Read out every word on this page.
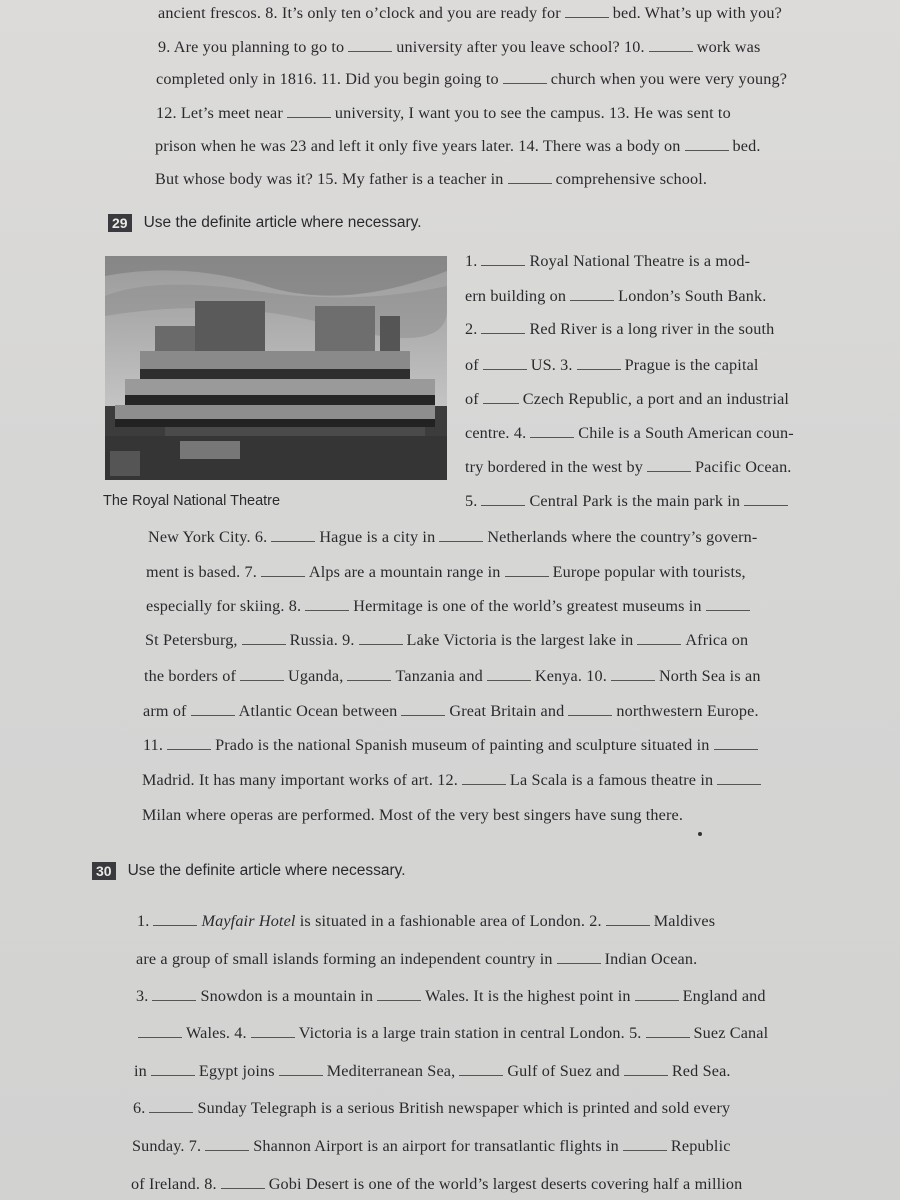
ancient frescos. 8. It’s only ten o’clock and you are ready for	bed. What’s up with you?
9. Are you planning to go to	university after you leave school? 10.	work was
completed only in 1816. 11. Did you begin going to	church when you were very young?
12. Let’s meet near	university, I want you to see the campus. 13. He was sent to
prison when he was 23 and left it only five years later. 14. There was a body on	bed.
But whose body was it? 15. My father is a teacher in	comprehensive school.
29 Use the definite article where necessary.
The Royal National Theatre
1.	Royal National Theatre is a mod-
ern building on	London’s South Bank.
2.	Red River is a long river in the south
of	US. 3.	Prague is the capital
of	Czech Republic, a port and an industrial
centre. 4.	Chile is a South American coun-
try bordered in the west by	Pacific Ocean.
5.	Central Park is the main park in
New York City. 6.	Hague is a city in	Netherlands where the country’s govern-
ment is based. 7.	Alps are a mountain range in	Europe popular with tourists,
especially for skiing. 8.	Hermitage is one of the world’s greatest museums in
St Petersburg,	Russia. 9.	Lake Victoria is the largest lake in	Africa on
the borders of	Uganda,	Tanzania and	Kenya. 10.	North Sea is an
arm of	Atlantic Ocean between	Great Britain and	northwestern Europe.
11.	Prado is the national Spanish museum of painting and sculpture situated in
Madrid. It has many important works of art. 12.	La Scala is a famous theatre in
Milan where operas are performed. Most of the very best singers have sung there.
30 Use the definite article where necessary.
1.	Mayfair Hotel is situated in a fashionable area of London. 2.	Maldives
are a group of small islands forming an independent country in	Indian Ocean.
3.	Snowdon is a mountain in	Wales. It is the highest point in	England and
Wales. 4.	Victoria is a large train station in central London. 5.	Suez Canal
in	Egypt joins	Mediterranean Sea,	Gulf of Suez and	Red Sea.
6.	Sunday Telegraph is a serious British newspaper which is printed and sold every
Sunday. 7.	Shannon Airport is an airport for transatlantic flights in	Republic
of Ireland. 8.	Gobi Desert is one of the world’s largest deserts covering half a million
